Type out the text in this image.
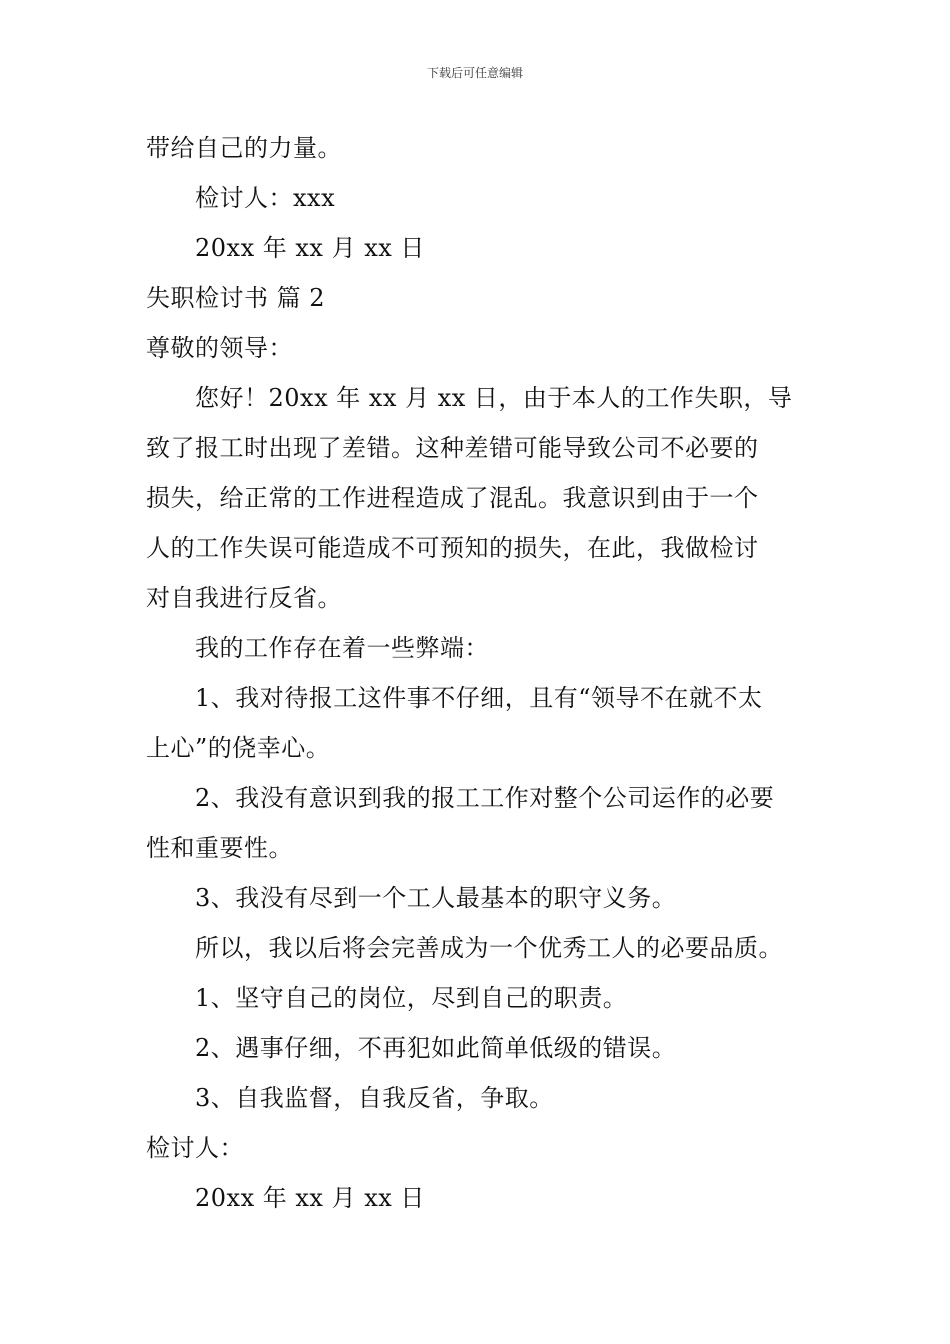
下载后可任意编辑
带给自己的力量。
检讨人：xxx
20xx 年 xx 月 xx 日
失职检讨书 篇 2
尊敬的领导：
您好！20xx 年 xx 月 xx 日，由于本人的工作失职，导
致了报工时出现了差错。这种差错可能导致公司不必要的
损失，给正常的工作进程造成了混乱。我意识到由于一个
人的工作失误可能造成不可预知的损失，在此，我做检讨
对自我进行反省。
我的工作存在着一些弊端：
1、我对待报工这件事不仔细，且有“领导不在就不太
上心”的侥幸心。
2、我没有意识到我的报工工作对整个公司运作的必要
性和重要性。
3、我没有尽到一个工人最基本的职守义务。
所以，我以后将会完善成为一个优秀工人的必要品质。
1、坚守自己的岗位，尽到自己的职责。
2、遇事仔细，不再犯如此简单低级的错误。
3、自我监督，自我反省，争取。
检讨人：
20xx 年 xx 月 xx 日
